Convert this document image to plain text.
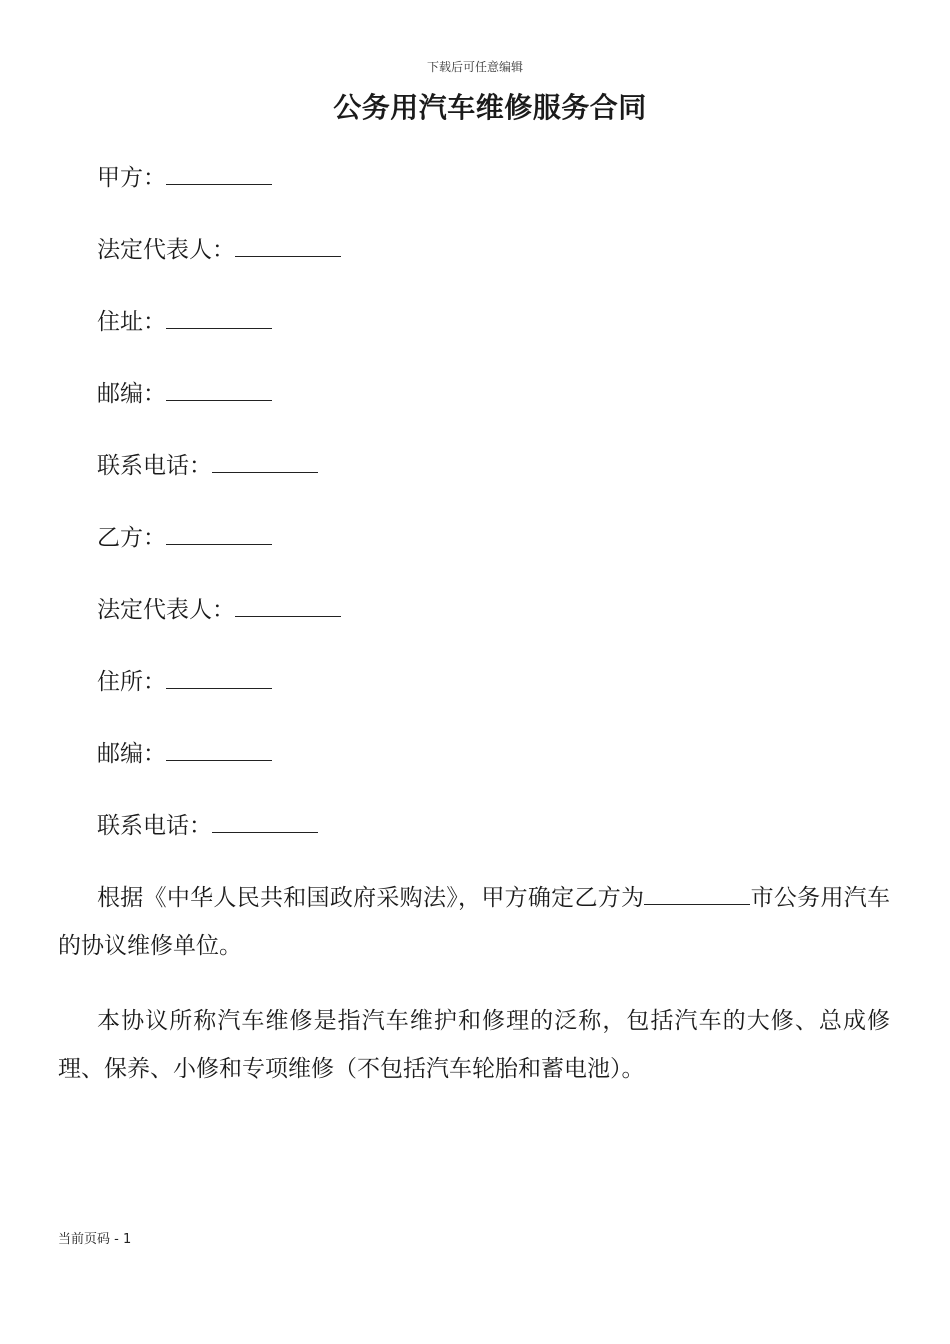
下载后可任意编辑
公务用汽车维修服务合同
甲方：
法定代表人：
住址：
邮编：
联系电话：
乙方：
法定代表人：
住所：
邮编：
联系电话：

根据《中华人民共和国政府采购法》，甲方确定乙方为	市公务用汽车的协议维修单位。

本协议所称汽车维修是指汽车维护和修理的泛称，包括汽车的大修、总成修理、保养、小修和专项维修（不包括汽车轮胎和蓄电池）。

当前页码 - 1
